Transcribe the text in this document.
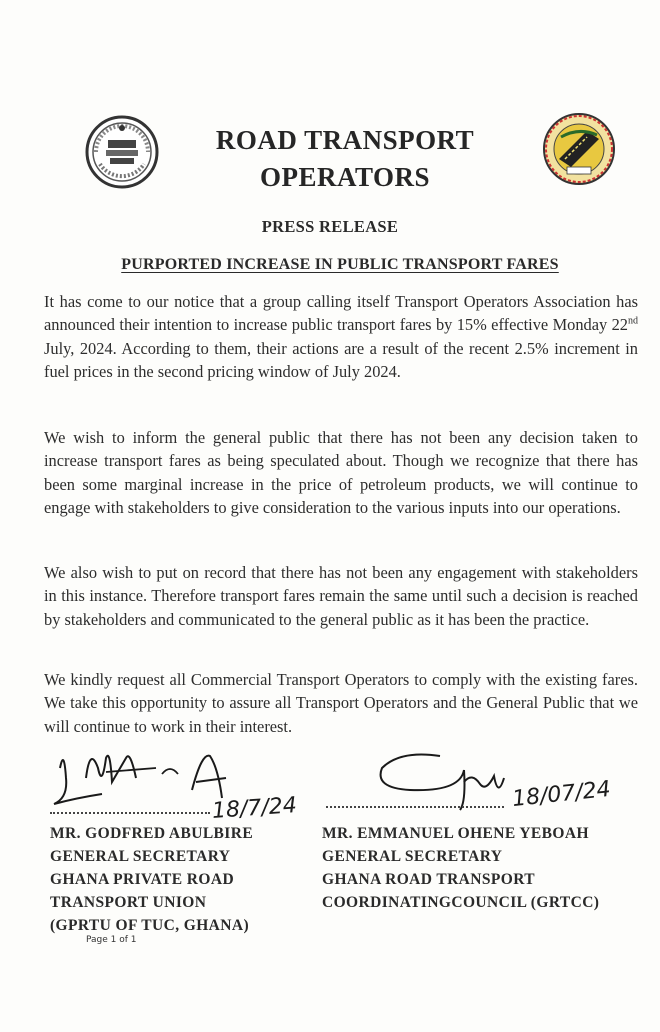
ROAD TRANSPORT
OPERATORS
PRESS RELEASE
PURPORTED INCREASE IN PUBLIC TRANSPORT FARES

It has come to our notice that a group calling itself Transport Operators Association has announced their intention to increase public transport fares by 15% effective Monday 22nd July, 2024. According to them, their actions are a result of the recent 2.5% increment in fuel prices in the second pricing window of July 2024.

We wish to inform the general public that there has not been any decision taken to increase transport fares as being speculated about. Though we recognize that there has been some marginal increase in the price of petroleum products, we will continue to engage with stakeholders to give consideration to the various inputs into our operations.

We also wish to put on record that there has not been any engagement with stakeholders in this instance. Therefore transport fares remain the same until such a decision is reached by stakeholders and communicated to the general public as it has been the practice.

We kindly request all Commercial Transport Operators to comply with the existing fares. We take this opportunity to assure all Transport Operators and the General Public that we will continue to work in their interest.

18/7/24	18/07/24
MR. GODFRED ABULBIRE
GENERAL SECRETARY
GHANA PRIVATE ROAD
TRANSPORT UNION
(GPRTU OF TUC, GHANA)
MR. EMMANUEL OHENE YEBOAH
GENERAL SECRETARY
GHANA ROAD TRANSPORT
COORDINATINGCOUNCIL (GRTCC)
Page 1 of 1
